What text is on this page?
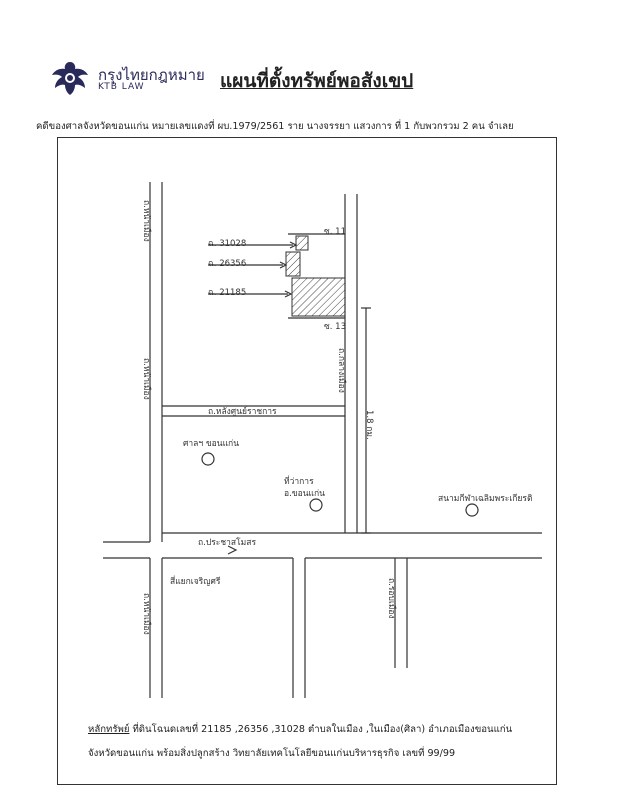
กรุงไทยกฎหมาย
KTB LAW	แผนที่ตั้งทรัพย์พอสังเขป
คดีของศาลจังหวัดขอนแก่น หมายเลขแดงที่ ผบ.1979/2561 ราย นางจรรยา แสวงการ ที่ 1 กับพวกรวม 2 คน จำเลย
ฉ. 31028
ฉ. 26356
ฉ. 21185
ซ. 11
ซ. 13
1.8 กม.
ถ.หน้าเมือง
ถ.หน้าเมือง
ถ.หน้าเมือง
ถ.กลางเมือง
ถ.รอบเมือง
ถ.หลังศูนย์ราชการ
ถ.ประชาสโมสร
ศาลฯ ขอนแก่น
ที่ว่าการ
อ.ขอนแก่น	สนามกีฬาเฉลิมพระเกียรติ
สี่แยกเจริญศรี
หลักทรัพย์ ที่ดินโฉนดเลขที่ 21185 ,26356 ,31028 ตำบลในเมือง ,ในเมือง(ศิลา) อำเภอเมืองขอนแก่น
จังหวัดขอนแก่น พร้อมสิ่งปลูกสร้าง วิทยาลัยเทคโนโลยีขอนแก่นบริหารธุรกิจ เลขที่ 99/99
